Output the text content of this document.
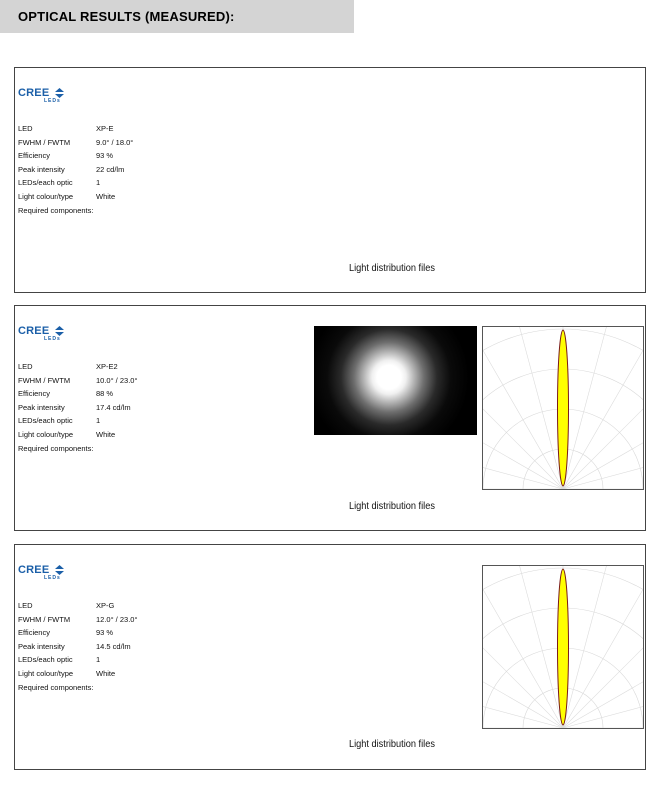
OPTICAL RESULTS (MEASURED):
CREE
LEDs
LED	XP-E
FWHM / FWTM	9.0° / 18.0°
Efficiency	93 %
Peak intensity	22 cd/lm
LEDs/each optic	1
Light colour/type	White
Required components:
Light distribution files
CREE
LEDs
LED	XP-E2
FWHM / FWTM	10.0° / 23.0°
Efficiency	88 %
Peak intensity	17.4 cd/lm
LEDs/each optic	1
Light colour/type	White
Required components:
Light distribution files
CREE
LEDs
LED	XP-G
FWHM / FWTM	12.0° / 23.0°
Efficiency	93 %
Peak intensity	14.5 cd/lm
LEDs/each optic	1
Light colour/type	White
Required components:
Light distribution files
